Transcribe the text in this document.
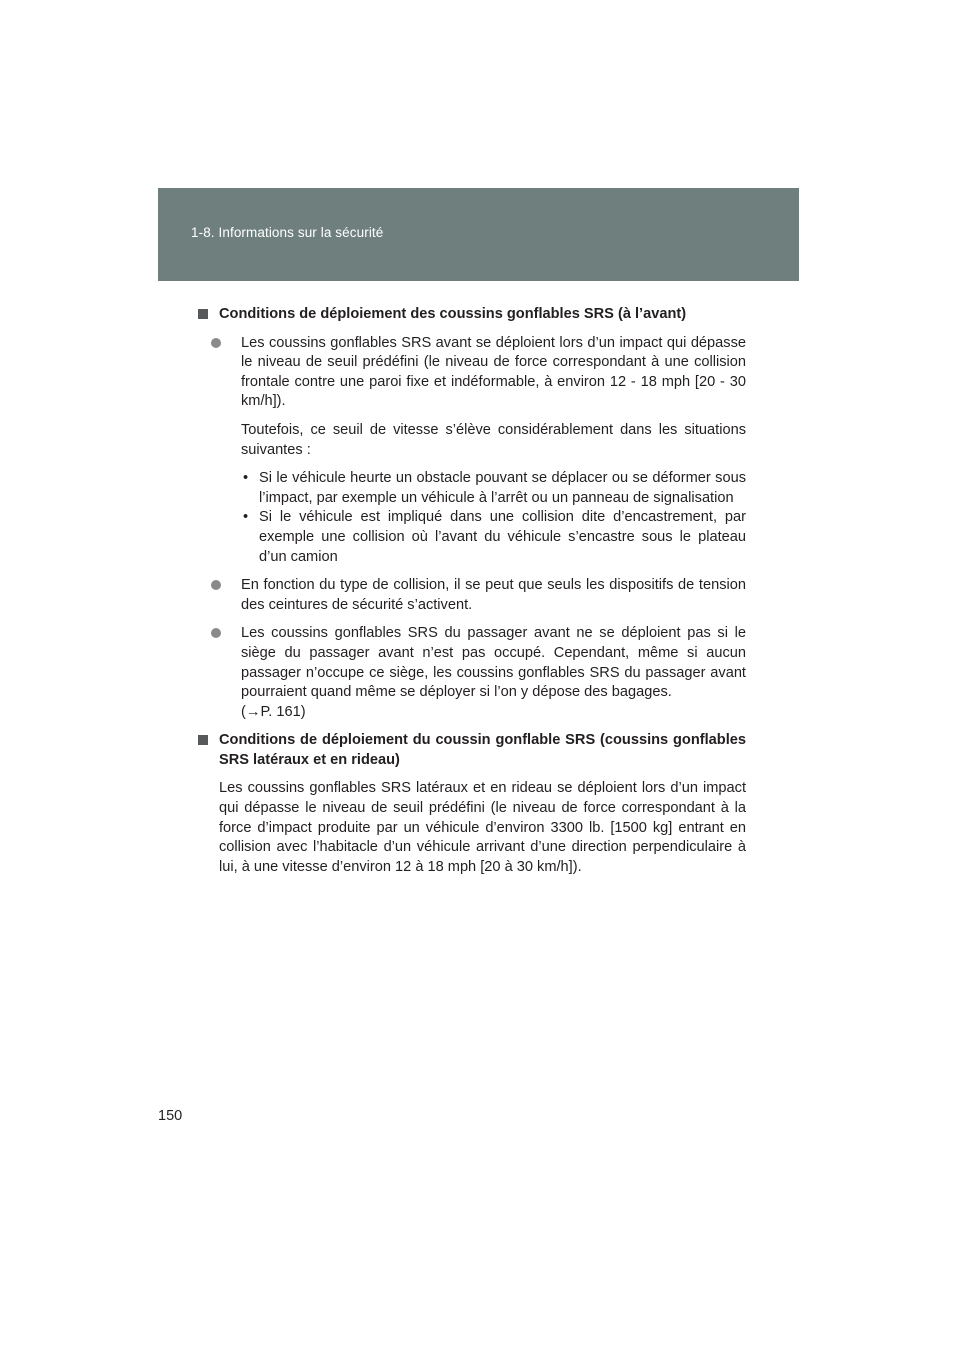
1-8. Informations sur la sécurité
Conditions de déploiement des coussins gonflables SRS (à l’avant)
Les coussins gonflables SRS avant se déploient lors d’un impact qui dépasse le niveau de seuil prédéfini (le niveau de force correspondant à une collision frontale contre une paroi fixe et indéformable, à environ 12 - 18 mph [20 - 30 km/h]).
Toutefois, ce seuil de vitesse s’élève considérablement dans les situations suivantes :
• Si le véhicule heurte un obstacle pouvant se déplacer ou se déformer sous l’impact, par exemple un véhicule à l’arrêt ou un panneau de signalisation
• Si le véhicule est impliqué dans une collision dite d’encastrement, par exemple une collision où l’avant du véhicule s’encastre sous le plateau d’un camion
En fonction du type de collision, il se peut que seuls les dispositifs de tension des ceintures de sécurité s’activent.
Les coussins gonflables SRS du passager avant ne se déploient pas si le siège du passager avant n’est pas occupé. Cependant, même si aucun passager n’occupe ce siège, les coussins gonflables SRS du passager avant pourraient quand même se déployer si l’on y dépose des bagages.
(→P. 161)
Conditions de déploiement du coussin gonflable SRS (coussins gonflables SRS latéraux et en rideau)
Les coussins gonflables SRS latéraux et en rideau se déploient lors d’un impact qui dépasse le niveau de seuil prédéfini (le niveau de force correspondant à la force d’impact produite par un véhicule d’environ 3300 lb. [1500 kg] entrant en collision avec l’habitacle d’un véhicule arrivant d’une direction perpendiculaire à lui, à une vitesse d’environ 12 à 18 mph [20 à 30 km/h]).
150
